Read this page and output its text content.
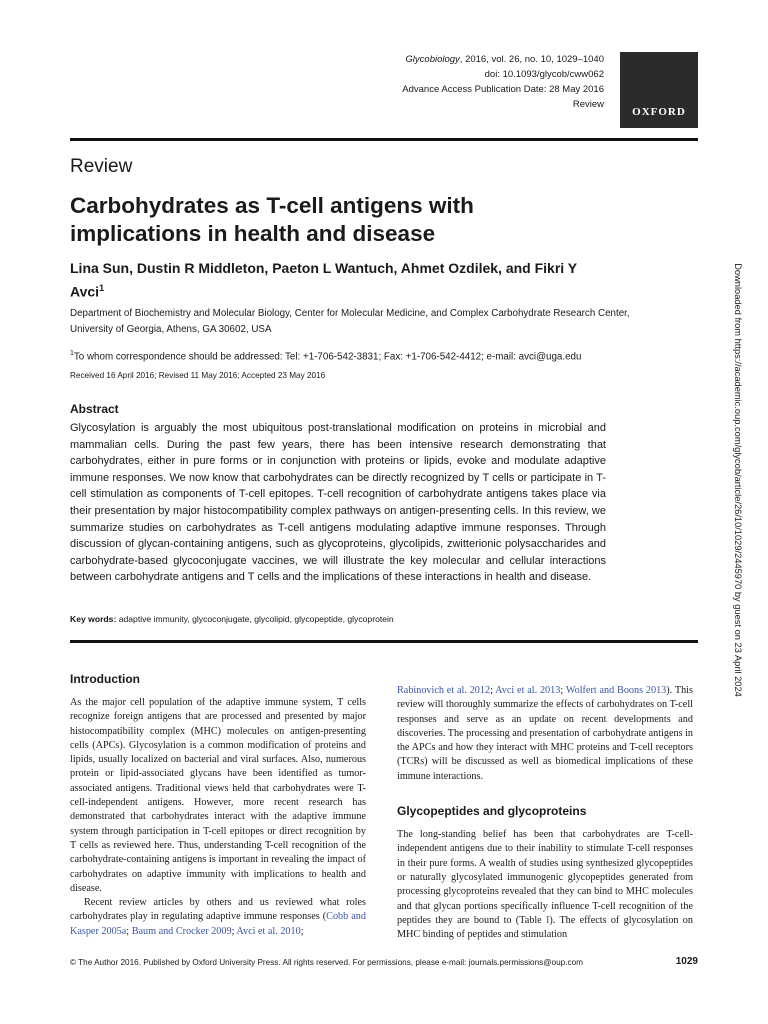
Glycobiology, 2016, vol. 26, no. 10, 1029–1040
doi: 10.1093/glycob/cww062
Advance Access Publication Date: 28 May 2016
Review
OXFORD
Review
Carbohydrates as T-cell antigens with implications in health and disease

Lina Sun, Dustin R Middleton, Paeton L Wantuch, Ahmet Ozdilek, and Fikri Y Avci$^1$

Department of Biochemistry and Molecular Biology, Center for Molecular Medicine, and Complex Carbohydrate Research Center, University of Georgia, Athens, GA 30602, USA
$^1$To whom correspondence should be addressed: Tel: +1-706-542-3831; Fax: +1-706-542-4412; e-mail: avci@uga.edu
Received 16 April 2016; Revised 11 May 2016; Accepted 23 May 2016
Abstract

Glycosylation is arguably the most ubiquitous post-translational modification on proteins in microbial and mammalian cells. During the past few years, there has been intensive research demonstrating that carbohydrates, either in pure forms or in conjunction with proteins or lipids, evoke and modulate adaptive immune responses. We now know that carbohydrates can be directly recognized by T cells or participate in T-cell stimulation as components of T-cell epitopes. T-cell recognition of carbohydrate antigens takes place via their presentation by major histocompatibility complex pathways on antigen-presenting cells. In this review, we summarize studies on carbohydrates as T-cell antigens modulating adaptive immune responses. Through discussion of glycan-containing antigens, such as glycoproteins, glycolipids, zwitterionic polysaccharides and carbohydrate-based glycoconjugate vaccines, we will illustrate the key molecular and cellular interactions between carbohydrate antigens and T cells and the implications of these interactions in health and disease.

Key words: adaptive immunity, glycoconjugate, glycolipid, glycopeptide, glycoprotein
Introduction

As the major cell population of the adaptive immune system, T cells recognize foreign antigens that are processed and presented by major histocompatibility complex (MHC) molecules on antigen-presenting cells (APCs). Glycosylation is a common modification of proteins and lipids, usually localized on bacterial and viral surfaces. Also, numerous protein or lipid-associated glycans have been identified as tumor-associated antigens. Traditional views held that carbohydrates were T-cell-independent antigens. However, more recent research has demonstrated that carbohydrates interact with the adaptive immune system through participation in T-cell epitopes or direct recognition by T cells as reviewed here. Thus, understanding T-cell recognition of the carbohydrate-containing antigens is important in revealing the impact of carbohydrates on adaptive immunity with implications to health and disease.

Recent review articles by others and us reviewed what roles carbohydrates play in regulating adaptive immune responses (Cobb and Kasper 2005a; Baum and Crocker 2009; Avci et al. 2010;

Rabinovich et al. 2012; Avci et al. 2013; Wolfert and Boons 2013). This review will thoroughly summarize the effects of carbohydrates on T-cell responses and serve as an update on recent developments and discoveries. The processing and presentation of carbohydrate antigens in the APCs and how they interact with MHC proteins and T-cell receptors (TCRs) will be discussed as well as biomedical implications of these immune interactions.

Glycopeptides and glycoproteins

The long-standing belief has been that carbohydrates are T-cell-independent antigens due to their inability to stimulate T-cell responses in their pure forms. A wealth of studies using synthesized glycopeptides or naturally glycosylated immunogenic glycopeptides generated from processing glycoproteins revealed that they can bind to MHC molecules and that glycan portions specifically influence T-cell recognition of the peptides they are bound to (Table I). The effects of glycosylation on MHC binding of peptides and stimulation

Downloaded from https://academic.oup.com/glycob/article/26/10/1029/2445970 by guest on 23 April 2024
© The Author 2016. Published by Oxford University Press. All rights reserved. For permissions, please e-mail: journals.permissions@oup.com	1029
